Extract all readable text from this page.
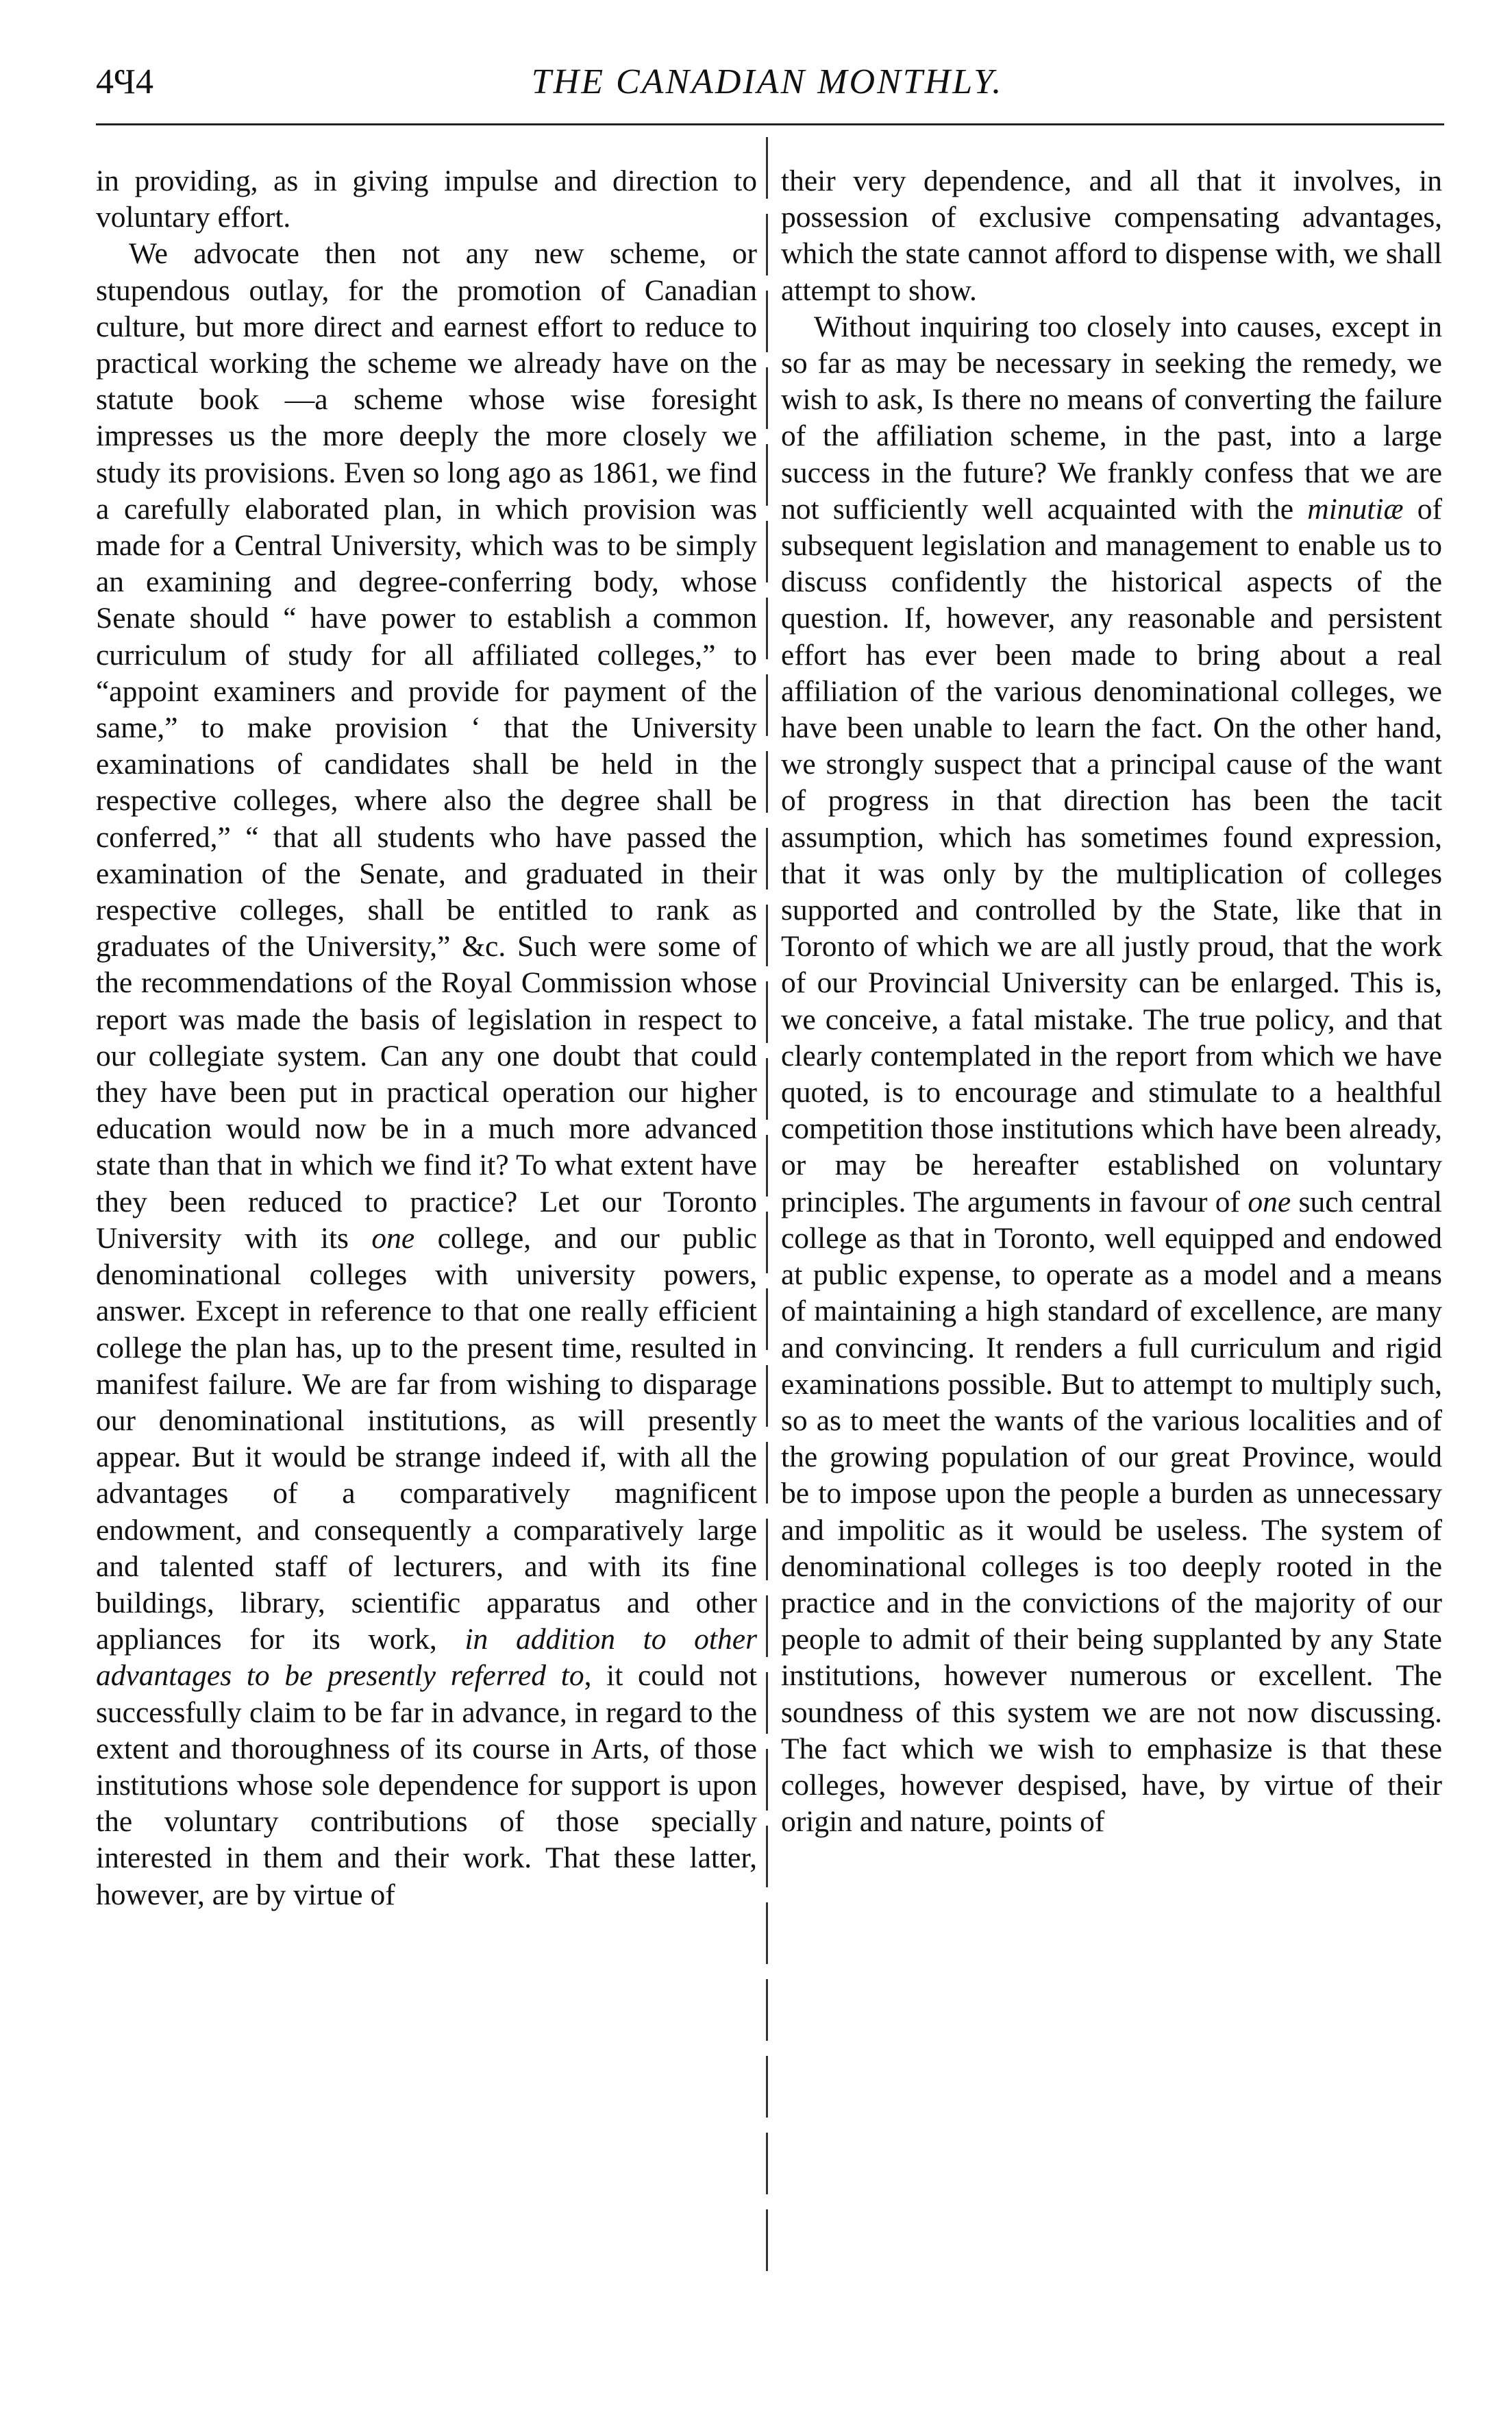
4Ϥ4	THE CANADIAN MONTHLY.

in providing, as in giving impulse and direction to voluntary effort.

We advocate then not any new scheme, or stupendous outlay, for the promotion of Canadian culture, but more direct and earnest effort to reduce to practical working the scheme we already have on the statute book —a scheme whose wise foresight impresses us the more deeply the more closely we study its provisions. Even so long ago as 1861, we find a carefully elaborated plan, in which provision was made for a Central University, which was to be simply an examining and degree-conferring body, whose Senate should “ have power to establish a common curriculum of study for all affiliated colleges,” to “appoint examiners and provide for payment of the same,” to make provision ‘ that the University examinations of candidates shall be held in the respective colleges, where also the degree shall be conferred,” “ that all students who have passed the examination of the Senate, and graduated in their respective colleges, shall be entitled to rank as graduates of the University,” &c. Such were some of the recommendations of the Royal Commission whose report was made the basis of legislation in respect to our collegiate system. Can any one doubt that could they have been put in practical operation our higher education would now be in a much more advanced state than that in which we find it? To what extent have they been reduced to practice? Let our Toronto University with its one college, and our public denominational colleges with university powers, answer. Except in reference to that one really efficient college the plan has, up to the present time, resulted in manifest failure. We are far from wishing to disparage our denominational institutions, as will presently appear. But it would be strange indeed if, with all the advantages of a comparatively magnificent endowment, and consequently a comparatively large and talented staff of lecturers, and with its fine buildings, library, scientific apparatus and other appliances for its work, in addition to other advantages to be presently referred to, it could not successfully claim to be far in advance, in regard to the extent and thoroughness of its course in Arts, of those institutions whose sole dependence for support is upon the voluntary contributions of those specially interested in them and their work. That these latter, however, are by virtue of

their very dependence, and all that it involves, in possession of exclusive compensating advantages, which the state cannot afford to dispense with, we shall attempt to show.

Without inquiring too closely into causes, except in so far as may be necessary in seeking the remedy, we wish to ask, Is there no means of converting the failure of the affiliation scheme, in the past, into a large success in the future? We frankly confess that we are not sufficiently well acquainted with the minutiæ of subsequent legislation and management to enable us to discuss confidently the historical aspects of the question. If, however, any reasonable and persistent effort has ever been made to bring about a real affiliation of the various denominational colleges, we have been unable to learn the fact. On the other hand, we strongly suspect that a principal cause of the want of progress in that direction has been the tacit assumption, which has sometimes found expression, that it was only by the multiplication of colleges supported and controlled by the State, like that in Toronto of which we are all justly proud, that the work of our Provincial University can be enlarged. This is, we conceive, a fatal mistake. The true policy, and that clearly contemplated in the report from which we have quoted, is to encourage and stimulate to a healthful competition those institutions which have been already, or may be hereafter established on voluntary principles. The arguments in favour of one such central college as that in Toronto, well equipped and endowed at public expense, to operate as a model and a means of maintaining a high standard of excellence, are many and convincing. It renders a full curriculum and rigid examinations possible. But to attempt to multiply such, so as to meet the wants of the various localities and of the growing population of our great Province, would be to impose upon the people a burden as unnecessary and impolitic as it would be useless. The system of denominational colleges is too deeply rooted in the practice and in the convictions of the majority of our people to admit of their being supplanted by any State institutions, however numerous or excellent. The soundness of this system we are not now discussing. The fact which we wish to emphasize is that these colleges, however despised, have, by virtue of their origin and nature, points of
